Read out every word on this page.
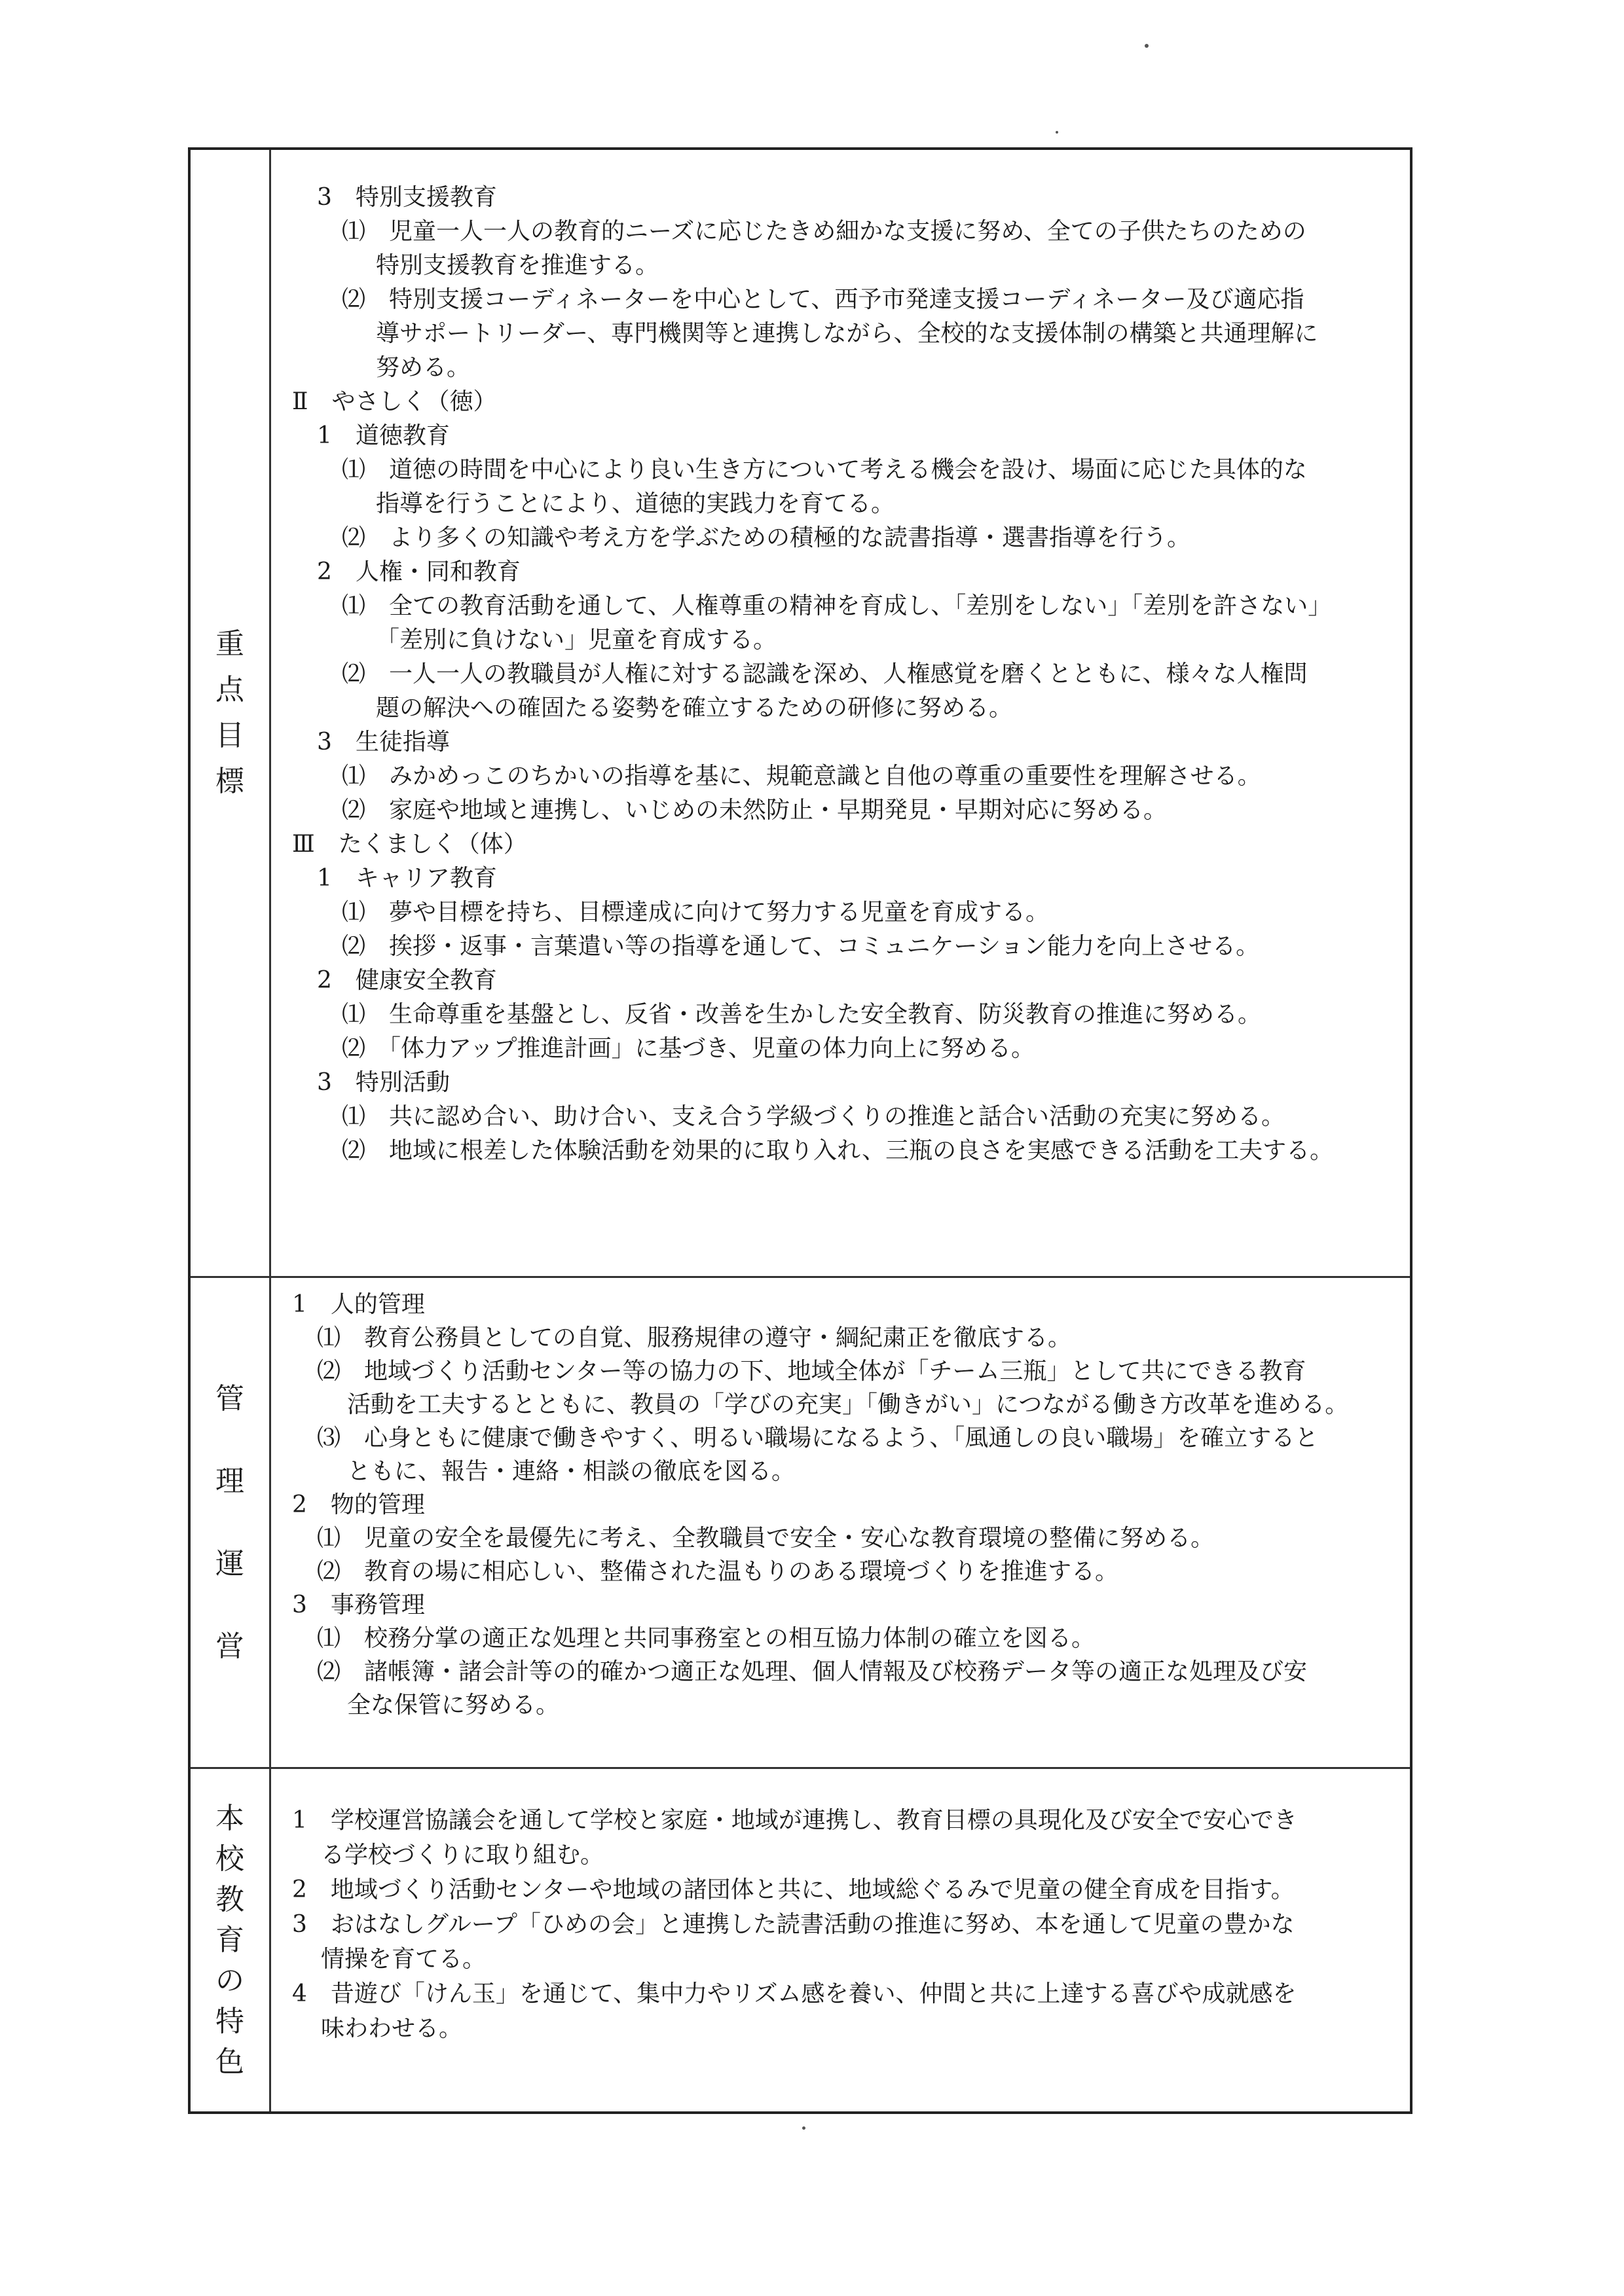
重
点
目
標
3　特別支援教育
⑴　児童一人一人の教育的ニーズに応じたきめ細かな支援に努め、全ての子供たちのための
特別支援教育を推進する。
⑵　特別支援コーディネーターを中心として、西予市発達支援コーディネーター及び適応指
導サポートリーダー、専門機関等と連携しながら、全校的な支援体制の構築と共通理解に
努める。
Ⅱ　やさしく（徳）
1　道徳教育
⑴　道徳の時間を中心により良い生き方について考える機会を設け、場面に応じた具体的な
指導を行うことにより、道徳的実践力を育てる。
⑵　より多くの知識や考え方を学ぶための積極的な読書指導・選書指導を行う。
2　人権・同和教育
⑴　全ての教育活動を通して、人権尊重の精神を育成し、「差別をしない」「差別を許さない」
「差別に負けない」児童を育成する。
⑵　一人一人の教職員が人権に対する認識を深め、人権感覚を磨くとともに、様々な人権問
題の解決への確固たる姿勢を確立するための研修に努める。
3　生徒指導
⑴　みかめっこのちかいの指導を基に、規範意識と自他の尊重の重要性を理解させる。
⑵　家庭や地域と連携し、いじめの未然防止・早期発見・早期対応に努める。
Ⅲ　たくましく（体）
1　キャリア教育
⑴　夢や目標を持ち、目標達成に向けて努力する児童を育成する。
⑵　挨拶・返事・言葉遣い等の指導を通して、コミュニケーション能力を向上させる。
2　健康安全教育
⑴　生命尊重を基盤とし、反省・改善を生かした安全教育、防災教育の推進に努める。
⑵　「体力アップ推進計画」に基づき、児童の体力向上に努める。
3　特別活動
⑴　共に認め合い、助け合い、支え合う学級づくりの推進と話合い活動の充実に努める。
⑵　地域に根差した体験活動を効果的に取り入れ、三瓶の良さを実感できる活動を工夫する。
管
理
運
営
1　人的管理
⑴　教育公務員としての自覚、服務規律の遵守・綱紀粛正を徹底する。
⑵　地域づくり活動センター等の協力の下、地域全体が「チーム三瓶」として共にできる教育
活動を工夫するとともに、教員の「学びの充実」「働きがい」につながる働き方改革を進める。
⑶　心身ともに健康で働きやすく、明るい職場になるよう、「風通しの良い職場」を確立すると
ともに、報告・連絡・相談の徹底を図る。
2　物的管理
⑴　児童の安全を最優先に考え、全教職員で安全・安心な教育環境の整備に努める。
⑵　教育の場に相応しい、整備された温もりのある環境づくりを推進する。
3　事務管理
⑴　校務分掌の適正な処理と共同事務室との相互協力体制の確立を図る。
⑵　諸帳簿・諸会計等の的確かつ適正な処理、個人情報及び校務データ等の適正な処理及び安
全な保管に努める。
本
校
教
育
の
特
色
1　学校運営協議会を通して学校と家庭・地域が連携し、教育目標の具現化及び安全で安心でき
る学校づくりに取り組む。
2　地域づくり活動センターや地域の諸団体と共に、地域総ぐるみで児童の健全育成を目指す。
3　おはなしグループ「ひめの会」と連携した読書活動の推進に努め、本を通して児童の豊かな
情操を育てる。
4　昔遊び「けん玉」を通じて、集中力やリズム感を養い、仲間と共に上達する喜びや成就感を
味わわせる。
